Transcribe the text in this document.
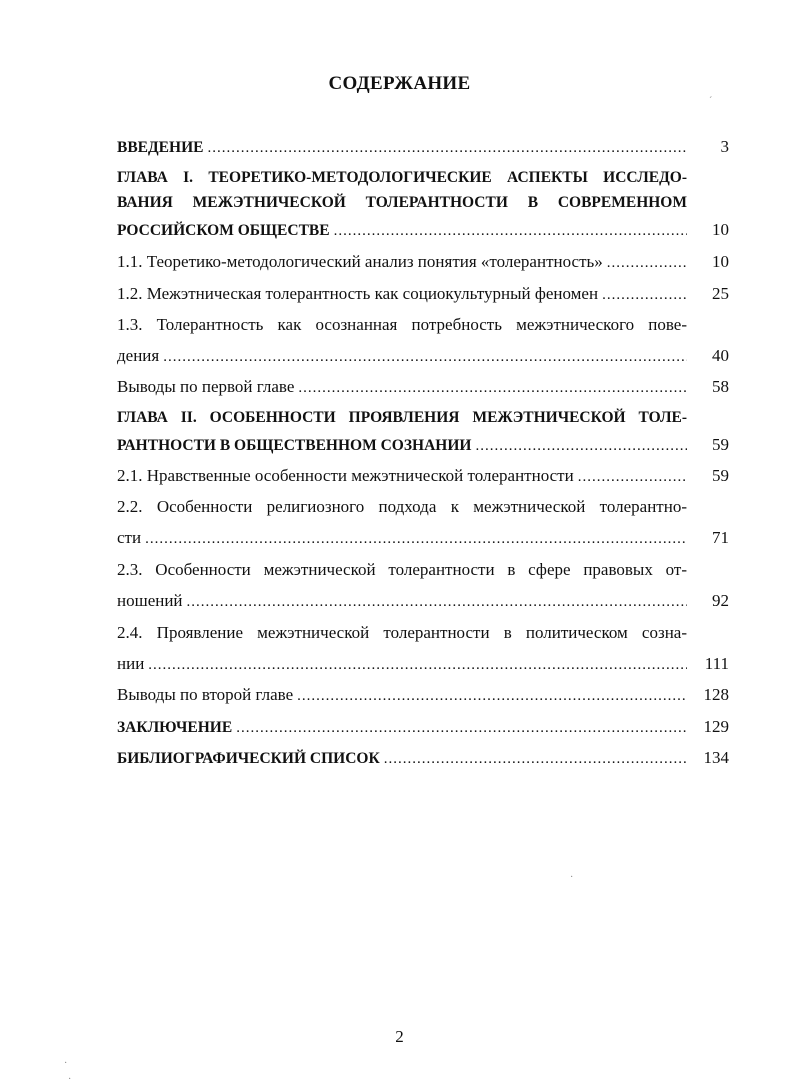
СОДЕРЖАНИЕ
ВВЕДЕНИЕ .....	3
ГЛАВА I. ТЕОРЕТИКО-МЕТОДОЛОГИЧЕСКИЕ АСПЕКТЫ ИССЛЕДО-
ВАНИЯ МЕЖЭТНИЧЕСКОЙ ТОЛЕРАНТНОСТИ В СОВРЕМЕННОМ
РОССИЙСКОМ ОБЩЕСТВЕ .....	10
1.1. Теоретико-методологический анализ понятия «толерантность» .....	10
1.2. Межэтническая толерантность как социокультурный феномен .....	25
1.3. Толерантность как осознанная потребность межэтнического пове-
дения .....	40
Выводы по первой главе .....	58
ГЛАВА II. ОСОБЕННОСТИ ПРОЯВЛЕНИЯ МЕЖЭТНИЧЕСКОЙ ТОЛЕ-
РАНТНОСТИ В ОБЩЕСТВЕННОМ СОЗНАНИИ .....	59
2.1. Нравственные особенности межэтнической толерантности .....	59
2.2. Особенности религиозного подхода к межэтнической толерантно-
сти .....	71
2.3. Особенности межэтнической толерантности в сфере правовых от-
ношений .....	92
2.4. Проявление межэтнической толерантности в политическом созна-
нии .....	111
Выводы по второй главе .....	128
ЗАКЛЮЧЕНИЕ .....	129
БИБЛИОГРАФИЧЕСКИЙ СПИСОК .....	134
2
ˊ
·
·
·
